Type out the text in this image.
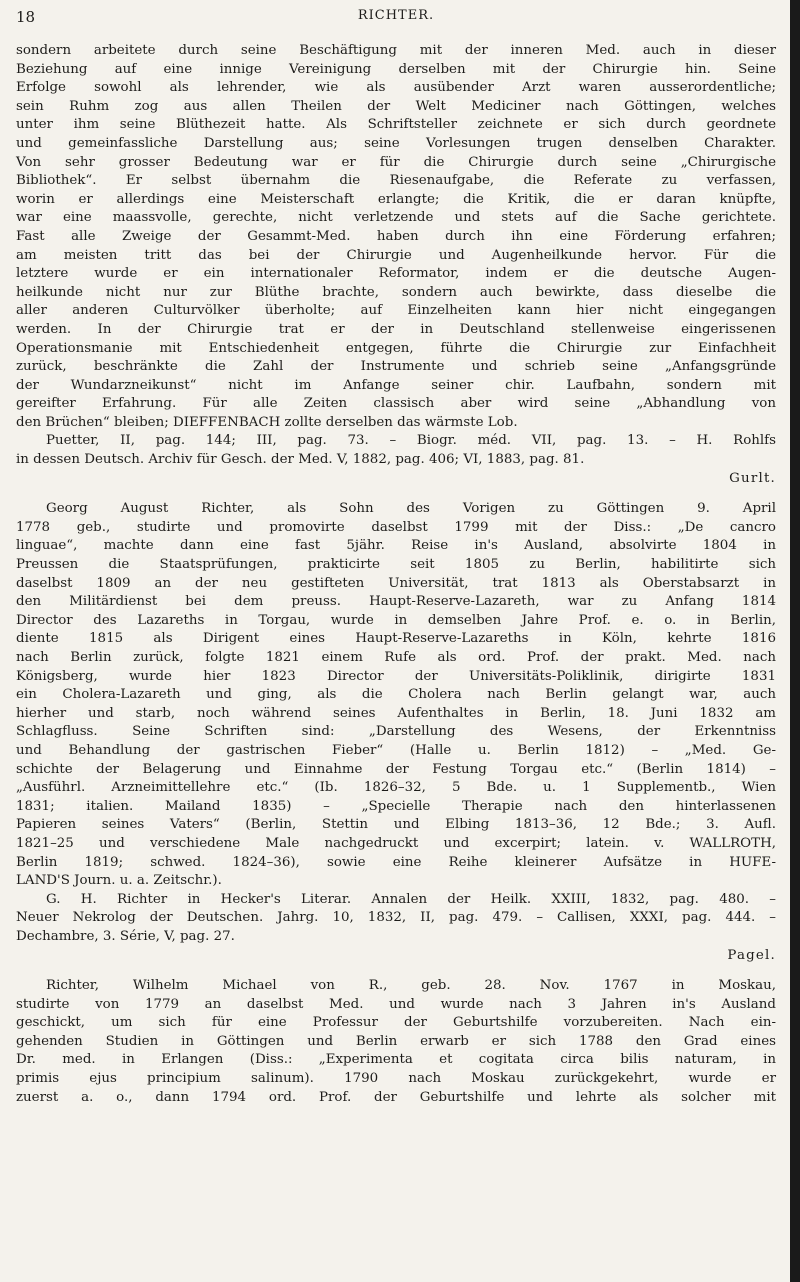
18	RICHTER.
sondern arbeitete durch seine Beschäftigung mit der inneren Med. auch in dieser
Beziehung auf eine innige Vereinigung derselben mit der Chirurgie hin. Seine
Erfolge sowohl als lehrender, wie als ausübender Arzt waren ausserordentliche;
sein Ruhm zog aus allen Theilen der Welt Mediciner nach Göttingen, welches
unter ihm seine Blüthezeit hatte. Als Schriftsteller zeichnete er sich durch geordnete
und gemeinfassliche Darstellung aus; seine Vorlesungen trugen denselben Charakter.
Von sehr grosser Bedeutung war er für die Chirurgie durch seine „Chirurgische
Bibliothek“. Er selbst übernahm die Riesenaufgabe, die Referate zu verfassen,
worin er allerdings eine Meisterschaft erlangte; die Kritik, die er daran knüpfte,
war eine maassvolle, gerechte, nicht verletzende und stets auf die Sache gerichtete.
Fast alle Zweige der Gesammt-Med. haben durch ihn eine Förderung erfahren;
am meisten tritt das bei der Chirurgie und Augenheilkunde hervor. Für die
letztere wurde er ein internationaler Reformator, indem er die deutsche Augen-
heilkunde nicht nur zur Blüthe brachte, sondern auch bewirkte, dass dieselbe die
aller anderen Culturvölker überholte; auf Einzelheiten kann hier nicht eingegangen
werden. In der Chirurgie trat er der in Deutschland stellenweise eingerissenen
Operationsmanie mit Entschiedenheit entgegen, führte die Chirurgie zur Einfachheit
zurück, beschränkte die Zahl der Instrumente und schrieb seine „Anfangsgründe
der Wundarzneikunst“ nicht im Anfange seiner chir. Laufbahn, sondern mit
gereifter Erfahrung. Für alle Zeiten classisch aber wird seine „Abhandlung von
den Brüchen“ bleiben; DIEFFENBACH zollte derselben das wärmste Lob.
Puetter, II, pag. 144; III, pag. 73. – Biogr. méd. VII, pag. 13. – H. Rohlfs
in dessen Deutsch. Archiv für Gesch. der Med. V, 1882, pag. 406; VI, 1883, pag. 81.
Gurlt.
Georg August Richter, als Sohn des Vorigen zu Göttingen 9. April
1778 geb., studirte und promovirte daselbst 1799 mit der Diss.: „De cancro
linguae“, machte dann eine fast 5jähr. Reise in's Ausland, absolvirte 1804 in
Preussen die Staatsprüfungen, prakticirte seit 1805 zu Berlin, habilitirte sich
daselbst 1809 an der neu gestifteten Universität, trat 1813 als Oberstabsarzt in
den Militärdienst bei dem preuss. Haupt-Reserve-Lazareth, war zu Anfang 1814
Director des Lazareths in Torgau, wurde in demselben Jahre Prof. e. o. in Berlin,
diente 1815 als Dirigent eines Haupt-Reserve-Lazareths in Köln, kehrte 1816
nach Berlin zurück, folgte 1821 einem Rufe als ord. Prof. der prakt. Med. nach
Königsberg, wurde hier 1823 Director der Universitäts-Poliklinik, dirigirte 1831
ein Cholera-Lazareth und ging, als die Cholera nach Berlin gelangt war, auch
hierher und starb, noch während seines Aufenthaltes in Berlin, 18. Juni 1832 am
Schlagfluss. Seine Schriften sind: „Darstellung des Wesens, der Erkenntniss
und Behandlung der gastrischen Fieber“ (Halle u. Berlin 1812) – „Med. Ge-
schichte der Belagerung und Einnahme der Festung Torgau etc.“ (Berlin 1814) –
„Ausführl. Arzneimittellehre etc.“ (Ib. 1826–32, 5 Bde. u. 1 Supplementb., Wien
1831; italien. Mailand 1835) – „Specielle Therapie nach den hinterlassenen
Papieren seines Vaters“ (Berlin, Stettin und Elbing 1813–36, 12 Bde.; 3. Aufl.
1821–25 und verschiedene Male nachgedruckt und excerpirt; latein. v. WALLROTH,
Berlin 1819; schwed. 1824–36), sowie eine Reihe kleinerer Aufsätze in HUFE-
LAND'S Journ. u. a. Zeitschr.).
G. H. Richter in Hecker's Literar. Annalen der Heilk. XXIII, 1832, pag. 480. –
Neuer Nekrolog der Deutschen. Jahrg. 10, 1832, II, pag. 479. – Callisen, XXXI, pag. 444. –
Dechambre, 3. Série, V, pag. 27.
Pagel.
Richter, Wilhelm Michael von R., geb. 28. Nov. 1767 in Moskau,
studirte von 1779 an daselbst Med. und wurde nach 3 Jahren in's Ausland
geschickt, um sich für eine Professur der Geburtshilfe vorzubereiten. Nach ein-
gehenden Studien in Göttingen und Berlin erwarb er sich 1788 den Grad eines
Dr. med. in Erlangen (Diss.: „Experimenta et cogitata circa bilis naturam, in
primis ejus principium salinum). 1790 nach Moskau zurückgekehrt, wurde er
zuerst a. o., dann 1794 ord. Prof. der Geburtshilfe und lehrte als solcher mit
